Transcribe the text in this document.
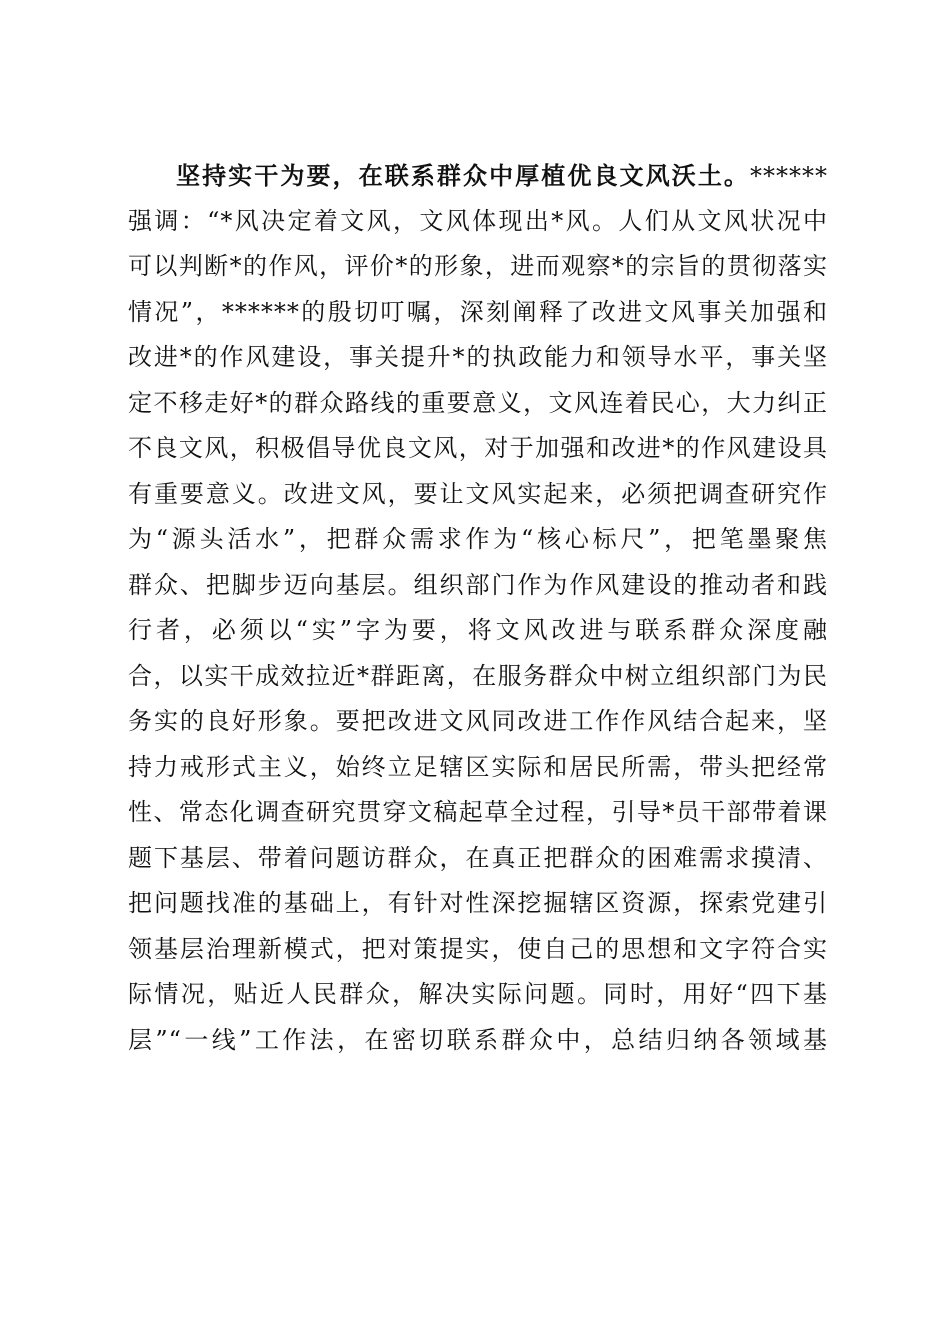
坚持实干为要，在联系群众中厚植优良文风沃土。******
强调：“*风决定着文风，文风体现出*风。人们从文风状况中
可以判断*的作风，评价*的形象，进而观察*的宗旨的贯彻落实
情况”，******的殷切叮嘱，深刻阐释了改进文风事关加强和
改进*的作风建设，事关提升*的执政能力和领导水平，事关坚
定不移走好*的群众路线的重要意义，文风连着民心，大力纠正
不良文风，积极倡导优良文风，对于加强和改进*的作风建设具
有重要意义。改进文风，要让文风实起来，必须把调查研究作
为“源头活水”，把群众需求作为“核心标尺”，把笔墨聚焦
群众、把脚步迈向基层。组织部门作为作风建设的推动者和践
行者，必须以“实”字为要，将文风改进与联系群众深度融
合，以实干成效拉近*群距离，在服务群众中树立组织部门为民
务实的良好形象。要把改进文风同改进工作作风结合起来，坚
持力戒形式主义，始终立足辖区实际和居民所需，带头把经常
性、常态化调查研究贯穿文稿起草全过程，引导*员干部带着课
题下基层、带着问题访群众，在真正把群众的困难需求摸清、
把问题找准的基础上，有针对性深挖掘辖区资源，探索党建引
领基层治理新模式，把对策提实，使自己的思想和文字符合实
际情况，贴近人民群众，解决实际问题。同时，用好“四下基
层”“一线”工作法，在密切联系群众中，总结归纳各领域基
